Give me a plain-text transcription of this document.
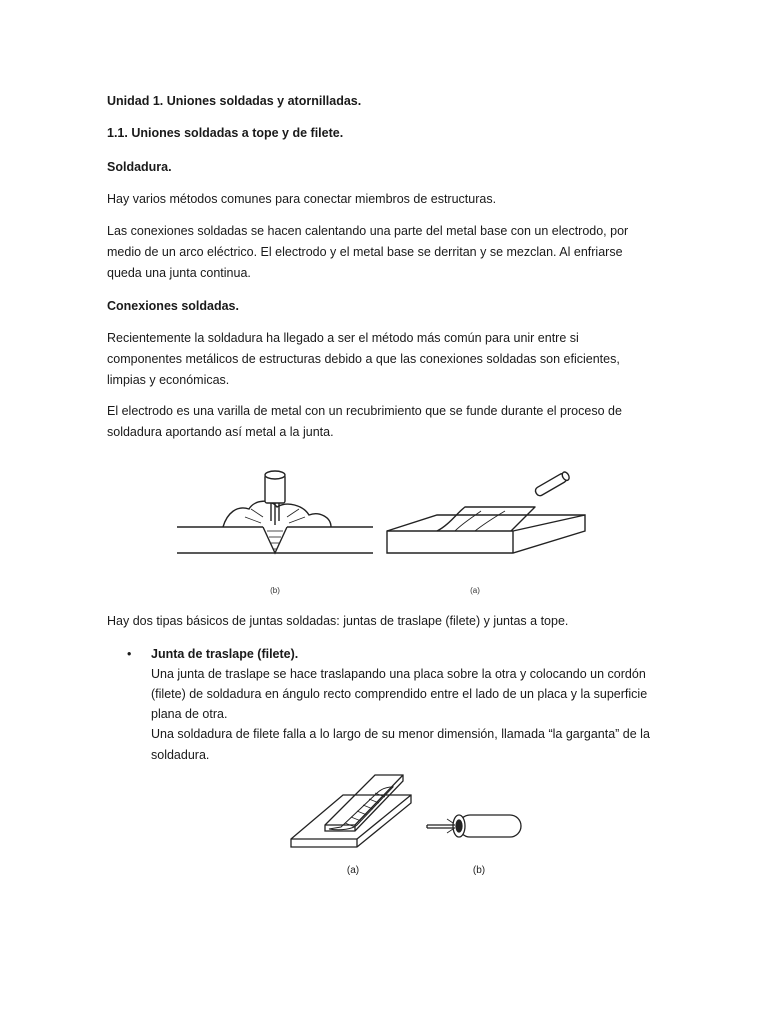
Unidad 1. Uniones soldadas y atornilladas.
1.1. Uniones soldadas a tope y de filete.
Soldadura.
Hay varios métodos comunes para conectar miembros de estructuras.
Las conexiones soldadas se hacen calentando una parte del metal base con un electrodo, por
medio de un arco eléctrico. El electrodo y el metal base se derritan y se mezclan. Al enfriarse
queda una junta continua.
Conexiones soldadas.
Recientemente la soldadura ha llegado a ser el método más común para unir entre si
componentes metálicos de estructuras debido a que las conexiones soldadas son eficientes,
limpias y económicas.
El electrodo es una varilla de metal con un recubrimiento que se funde durante el proceso de
soldadura aportando así metal a la junta.
(b)	(a)
Hay dos tipas básicos de juntas soldadas: juntas de traslape (filete) y juntas a tope.
• Junta de traslape (filete).
Una junta de traslape se hace traslapando una placa sobre la otra y colocando un cordón
(filete) de soldadura en ángulo recto comprendido entre el lado de un placa y la superficie
plana de otra.
Una soldadura de filete falla a lo largo de su menor dimensión, llamada “la garganta” de la
soldadura.
(a)	(b)
